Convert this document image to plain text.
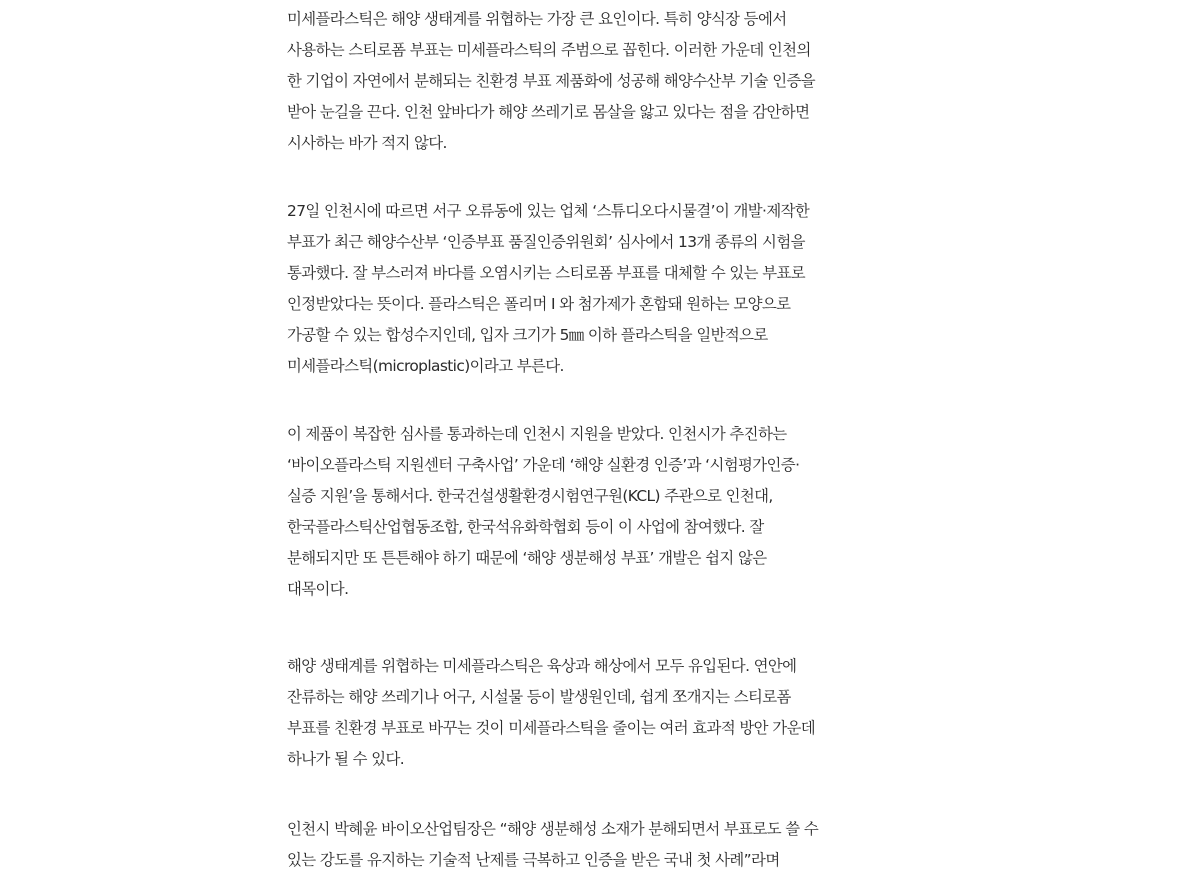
미세플라스틱은 해양 생태계를 위협하는 가장 큰 요인이다. 특히 양식장 등에서
사용하는 스티로폼 부표는 미세플라스틱의 주범으로 꼽힌다. 이러한 가운데 인천의
한 기업이 자연에서 분해되는 친환경 부표 제품화에 성공해 해양수산부 기술 인증을
받아 눈길을 끈다. 인천 앞바다가 해양 쓰레기로 몸살을 앓고 있다는 점을 감안하면
시사하는 바가 적지 않다.

27일 인천시에 따르면 서구 오류동에 있는 업체 ‘스튜디오다시물결’이 개발·제작한
부표가 최근 해양수산부 ‘인증부표 품질인증위원회’ 심사에서 13개 종류의 시험을
통과했다. 잘 부스러져 바다를 오염시키는 스티로폼 부표를 대체할 수 있는 부표로
인정받았다는 뜻이다. 플라스틱은 폴리머 I 와 첨가제가 혼합돼 원하는 모양으로
가공할 수 있는 합성수지인데, 입자 크기가 5㎜ 이하 플라스틱을 일반적으로
미세플라스틱(microplastic)이라고 부른다.

이 제품이 복잡한 심사를 통과하는데 인천시 지원을 받았다. 인천시가 추진하는
‘바이오플라스틱 지원센터 구축사업’ 가운데 ‘해양 실환경 인증’과 ‘시험평가인증·
실증 지원’을 통해서다. 한국건설생활환경시험연구원(KCL) 주관으로 인천대,
한국플라스틱산업협동조합, 한국석유화학협회 등이 이 사업에 참여했다. 잘
분해되지만 또 튼튼해야 하기 때문에 ‘해양 생분해성 부표’ 개발은 쉽지 않은
대목이다.

해양 생태계를 위협하는 미세플라스틱은 육상과 해상에서 모두 유입된다. 연안에
잔류하는 해양 쓰레기나 어구, 시설물 등이 발생원인데, 쉽게 쪼개지는 스티로폼
부표를 친환경 부표로 바꾸는 것이 미세플라스틱을 줄이는 여러 효과적 방안 가운데
하나가 될 수 있다.

인천시 박혜윤 바이오산업팀장은 “해양 생분해성 소재가 분해되면서 부표로도 쓸 수
있는 강도를 유지하는 기술적 난제를 극복하고 인증을 받은 국내 첫 사례”라며
